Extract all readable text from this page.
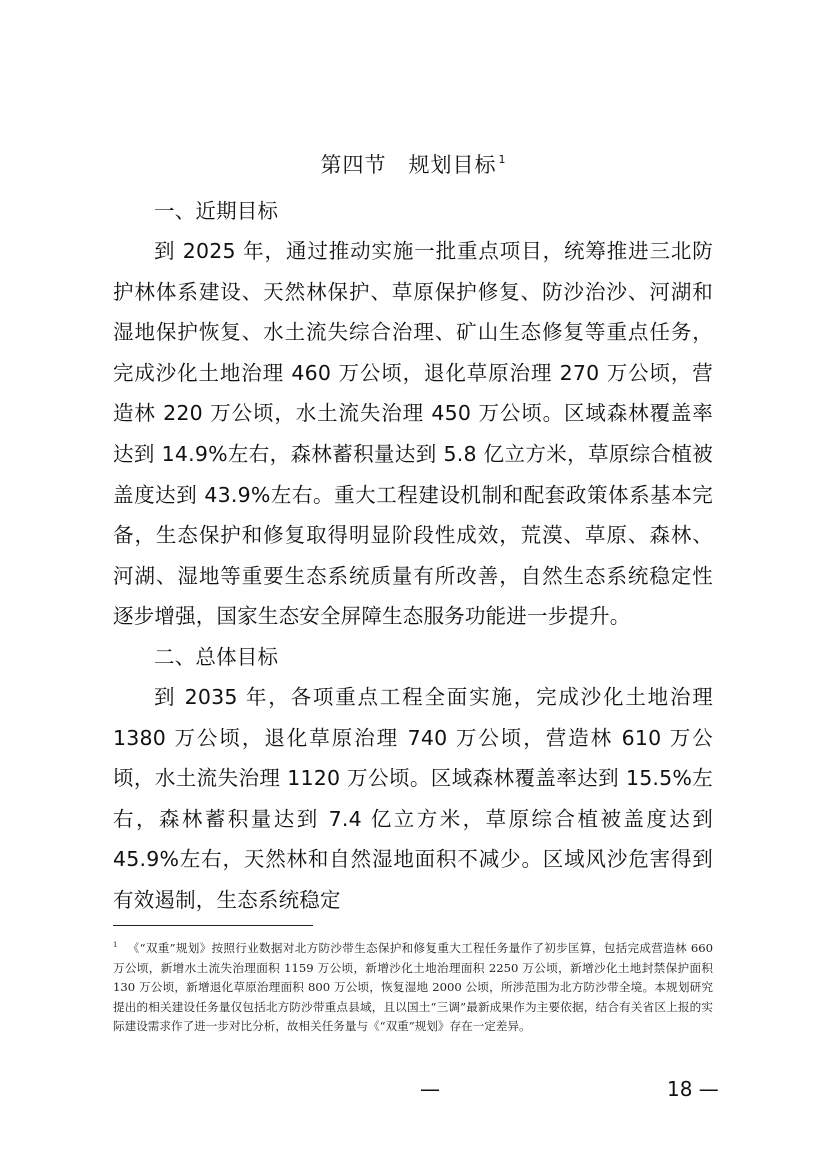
第四节　规划目标 $^1$
一、近期目标
到 2025 年，通过推动实施一批重点项目，统筹推进三北防护林体系建设、天然林保护、草原保护修复、防沙治沙、河湖和湿地保护恢复、水土流失综合治理、矿山生态修复等重点任务，完成沙化土地治理 460 万公顷，退化草原治理 270 万公顷，营造林 220 万公顷，水土流失治理 450 万公顷。区域森林覆盖率达到 14.9%左右，森林蓄积量达到 5.8 亿立方米，草原综合植被盖度达到 43.9%左右。重大工程建设机制和配套政策体系基本完备，生态保护和修复取得明显阶段性成效，荒漠、草原、森林、河湖、湿地等重要生态系统质量有所改善，自然生态系统稳定性逐步增强，国家生态安全屏障生态服务功能进一步提升。
二、总体目标
到 2035 年，各项重点工程全面实施，完成沙化土地治理 1380 万公顷，退化草原治理 740 万公顷，营造林 610 万公顷，水土流失治理 1120 万公顷。区域森林覆盖率达到 15.5%左右，森林蓄积量达到 7.4 亿立方米，草原综合植被盖度达到 45.9%左右，天然林和自然湿地面积不减少。区域风沙危害得到有效遏制，生态系统稳定
$^1$ 《“双重”规划》按照行业数据对北方防沙带生态保护和修复重大工程任务量作了初步匡算，包括完成营造林 660 万公顷，新增水土流失治理面积 1159 万公顷，新增沙化土地治理面积 2250 万公顷，新增沙化土地封禁保护面积 130 万公顷，新增退化草原治理面积 800 万公顷，恢复湿地 2000 公顷，所涉范围为北方防沙带全境。本规划研究提出的相关建设任务量仅包括北方防沙带重点县域，且以国土“三调”最新成果作为主要依据，结合有关省区上报的实际建设需求作了进一步对比分析，故相关任务量与《“双重”规划》存在一定差异。
—	18 —
